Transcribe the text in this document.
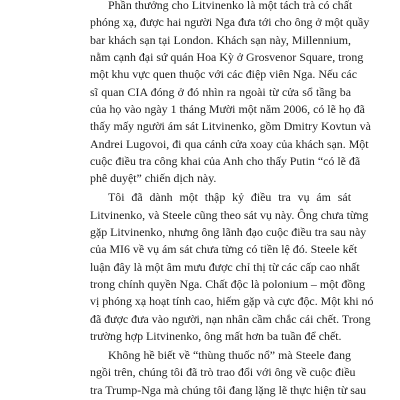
Phần thưởng cho Litvinenko là một tách trà có chất
phóng xạ, được hai người Nga đưa tới cho ông ở một quầy
bar khách sạn tại London. Khách sạn này, Millennium,
nằm cạnh đại sứ quán Hoa Kỳ ở Grosvenor Square, trong
một khu vực quen thuộc với các điệp viên Nga. Nếu các
sĩ quan CIA đóng ở đó nhìn ra ngoài từ cửa sổ tầng ba
của họ vào ngày 1 tháng Mười một năm 2006, có lẽ họ đã
thấy mấy người ám sát Litvinenko, gồm Dmitry Kovtun và
Andrei Lugovoi, đi qua cánh cửa xoay của khách sạn. Một
cuộc điều tra công khai của Anh cho thấy Putin “có lẽ đã
phê duyệt” chiến dịch này.
Tôi đã dành một thập kỷ điều tra vụ ám sát
Litvinenko, và Steele cũng theo sát vụ này. Ông chưa từng
gặp Litvinenko, nhưng ông lãnh đạo cuộc điều tra sau này
của MI6 về vụ ám sát chưa từng có tiền lệ đó. Steele kết
luận đây là một âm mưu được chỉ thị từ các cấp cao nhất
trong chính quyền Nga. Chất độc là polonium – một đồng
vị phóng xạ hoạt tính cao, hiếm gặp và cực độc. Một khi nó
đã được đưa vào người, nạn nhân cầm chắc cái chết. Trong
trường hợp Litvinenko, ông mất hơn ba tuần để chết.
Không hề biết về “thùng thuốc nổ” mà Steele đang
ngồi trên, chúng tôi đã trò trao đổi với ông về cuộc điều
tra Trump-Nga mà chúng tôi đang lặng lẽ thực hiện từ sau
